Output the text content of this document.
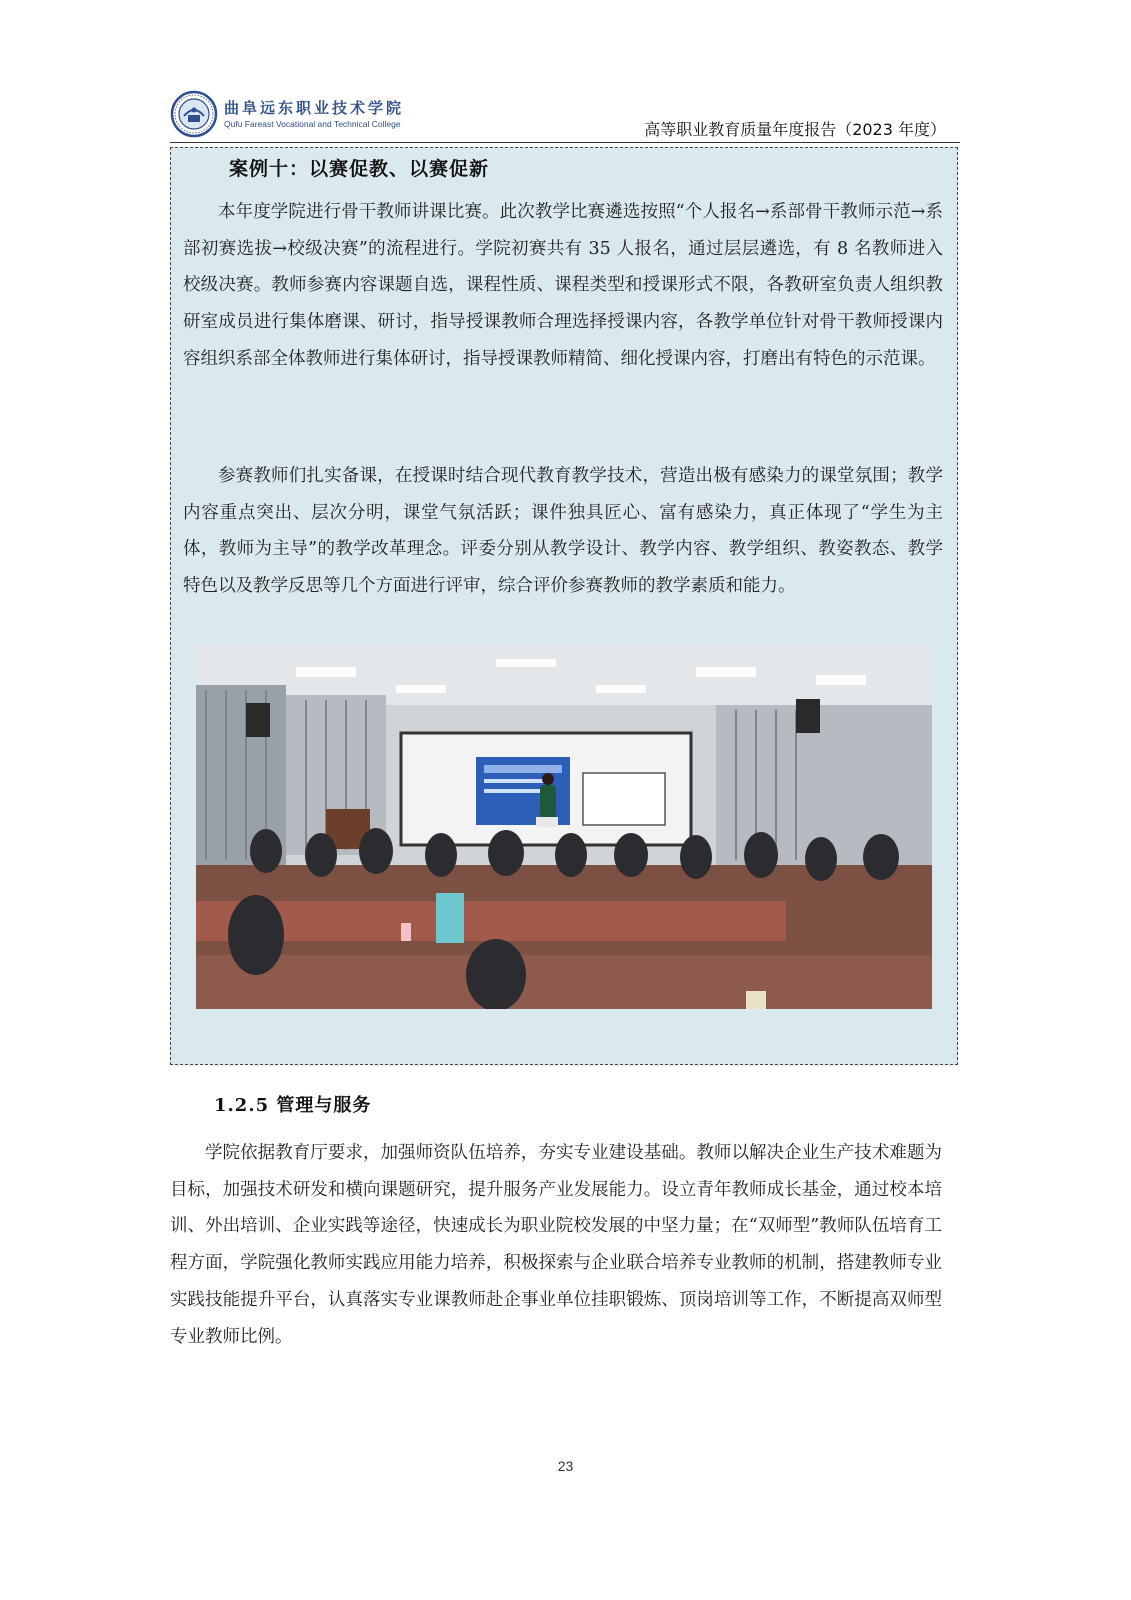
曲阜远东职业技术学院
Qufu Fareast Vocational and Technical College	高等职业教育质量年度报告（2023 年度）
案例十：以赛促教、以赛促新
本年度学院进行骨干教师讲课比赛。此次教学比赛遴选按照“个人报名→系部骨干教师示范→系部初赛选拔→校级决赛”的流程进行。学院初赛共有 35 人报名，通过层层遴选，有 8 名教师进入校级决赛。教师参赛内容课题自选，课程性质、课程类型和授课形式不限，各教研室负责人组织教研室成员进行集体磨课、研讨，指导授课教师合理选择授课内容，各教学单位针对骨干教师授课内容组织系部全体教师进行集体研讨，指导授课教师精简、细化授课内容，打磨出有特色的示范课。
参赛教师们扎实备课，在授课时结合现代教育教学技术，营造出极有感染力的课堂氛围；教学内容重点突出、层次分明，课堂气氛活跃；课件独具匠心、富有感染力，真正体现了“学生为主体，教师为主导”的教学改革理念。评委分别从教学设计、教学内容、教学组织、教姿教态、教学特色以及教学反思等几个方面进行评审，综合评价参赛教师的教学素质和能力。
1.2.5 管理与服务
学院依据教育厅要求，加强师资队伍培养，夯实专业建设基础。教师以解决企业生产技术难题为目标，加强技术研发和横向课题研究，提升服务产业发展能力。设立青年教师成长基金，通过校本培训、外出培训、企业实践等途径，快速成长为职业院校发展的中坚力量；在“双师型”教师队伍培育工程方面，学院强化教师实践应用能力培养，积极探索与企业联合培养专业教师的机制，搭建教师专业实践技能提升平台，认真落实专业课教师赴企事业单位挂职锻炼、顶岗培训等工作，不断提高双师型专业教师比例。
23
